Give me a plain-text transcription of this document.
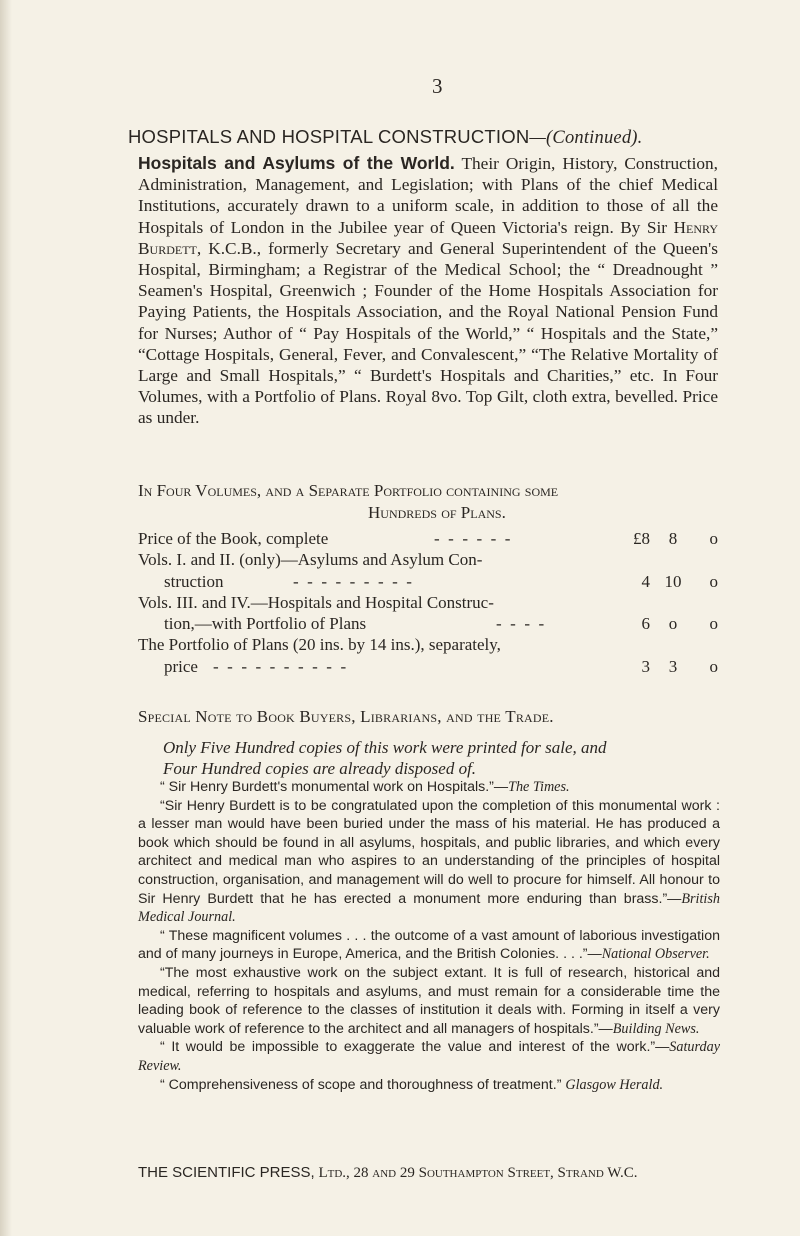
3
HOSPITALS AND HOSPITAL CONSTRUCTION—(Continued).
Hospitals and Asylums of the World. Their Origin, History, Construction, Administration, Management, and Legislation; with Plans of the chief Medical Institutions, accurately drawn to a uniform scale, in addition to those of all the Hospitals of London in the Jubilee year of Queen Victoria's reign. By Sir Henry Burdett, K.C.B., formerly Secretary and General Superintendent of the Queen's Hospital, Birmingham; a Registrar of the Medical School; the “ Dreadnought ” Seamen's Hospital, Greenwich ; Founder of the Home Hospitals Association for Paying Patients, the Hospitals Association, and the Royal National Pension Fund for Nurses; Author of “ Pay Hospitals of the World,” “ Hospitals and the State,” “Cottage Hospitals, General, Fever, and Convalescent,” “The Relative Mortality of Large and Small Hospitals,” “ Burdett's Hospitals and Charities,” etc. In Four Volumes, with a Portfolio of Plans. Royal 8vo. Top Gilt, cloth extra, bevelled. Price as under.
In Four Volumes, and a Separate Portfolio containing some
Hundreds of Plans.
Price of the Book, complete	-  -  -  -  -  -	£8	8	o
Vols. I. and II. (only)—Asylums and Asylum Con-
struction	-  -  -  -  -  -  -  -  -	4 10	o
Vols. III. and IV.—Hospitals and Hospital Construc-
tion,—with Portfolio of Plans	-  -  -  -	6	o	o
The Portfolio of Plans (20 ins. by 14 ins.), separately,
price -  -  -  -  -  -  -  -  -  -	3	3	o
Special Note to Book Buyers, Librarians, and the Trade.
Only Five Hundred copies of this work were printed for sale, and
Four Hundred copies are already disposed of.

“ Sir Henry Burdett's monumental work on Hospitals.”—The Times.

“Sir Henry Burdett is to be congratulated upon the completion of this monumental work : a lesser man would have been buried under the mass of his material. He has produced a book which should be found in all asylums, hospitals, and public libraries, and which every architect and medical man who aspires to an understanding of the principles of hospital construction, organisation, and management will do well to procure for himself. All honour to Sir Henry Burdett that he has erected a monument more enduring than brass.”—British Medical Journal.

“ These magnificent volumes . . . the outcome of a vast amount of laborious investigation and of many journeys in Europe, America, and the British Colonies. . . .”—National Observer.

“The most exhaustive work on the subject extant. It is full of research, historical and medical, referring to hospitals and asylums, and must remain for a considerable time the leading book of reference to the classes of institution it deals with. Forming in itself a very valuable work of reference to the architect and all managers of hospitals.”—Building News.

“ It would be impossible to exaggerate the value and interest of the work.”—Saturday Review.

“ Comprehensiveness of scope and thoroughness of treatment.” Glasgow Herald.

THE SCIENTIFIC PRESS, Ltd., 28 and 29 Southampton Street, Strand W.C.
